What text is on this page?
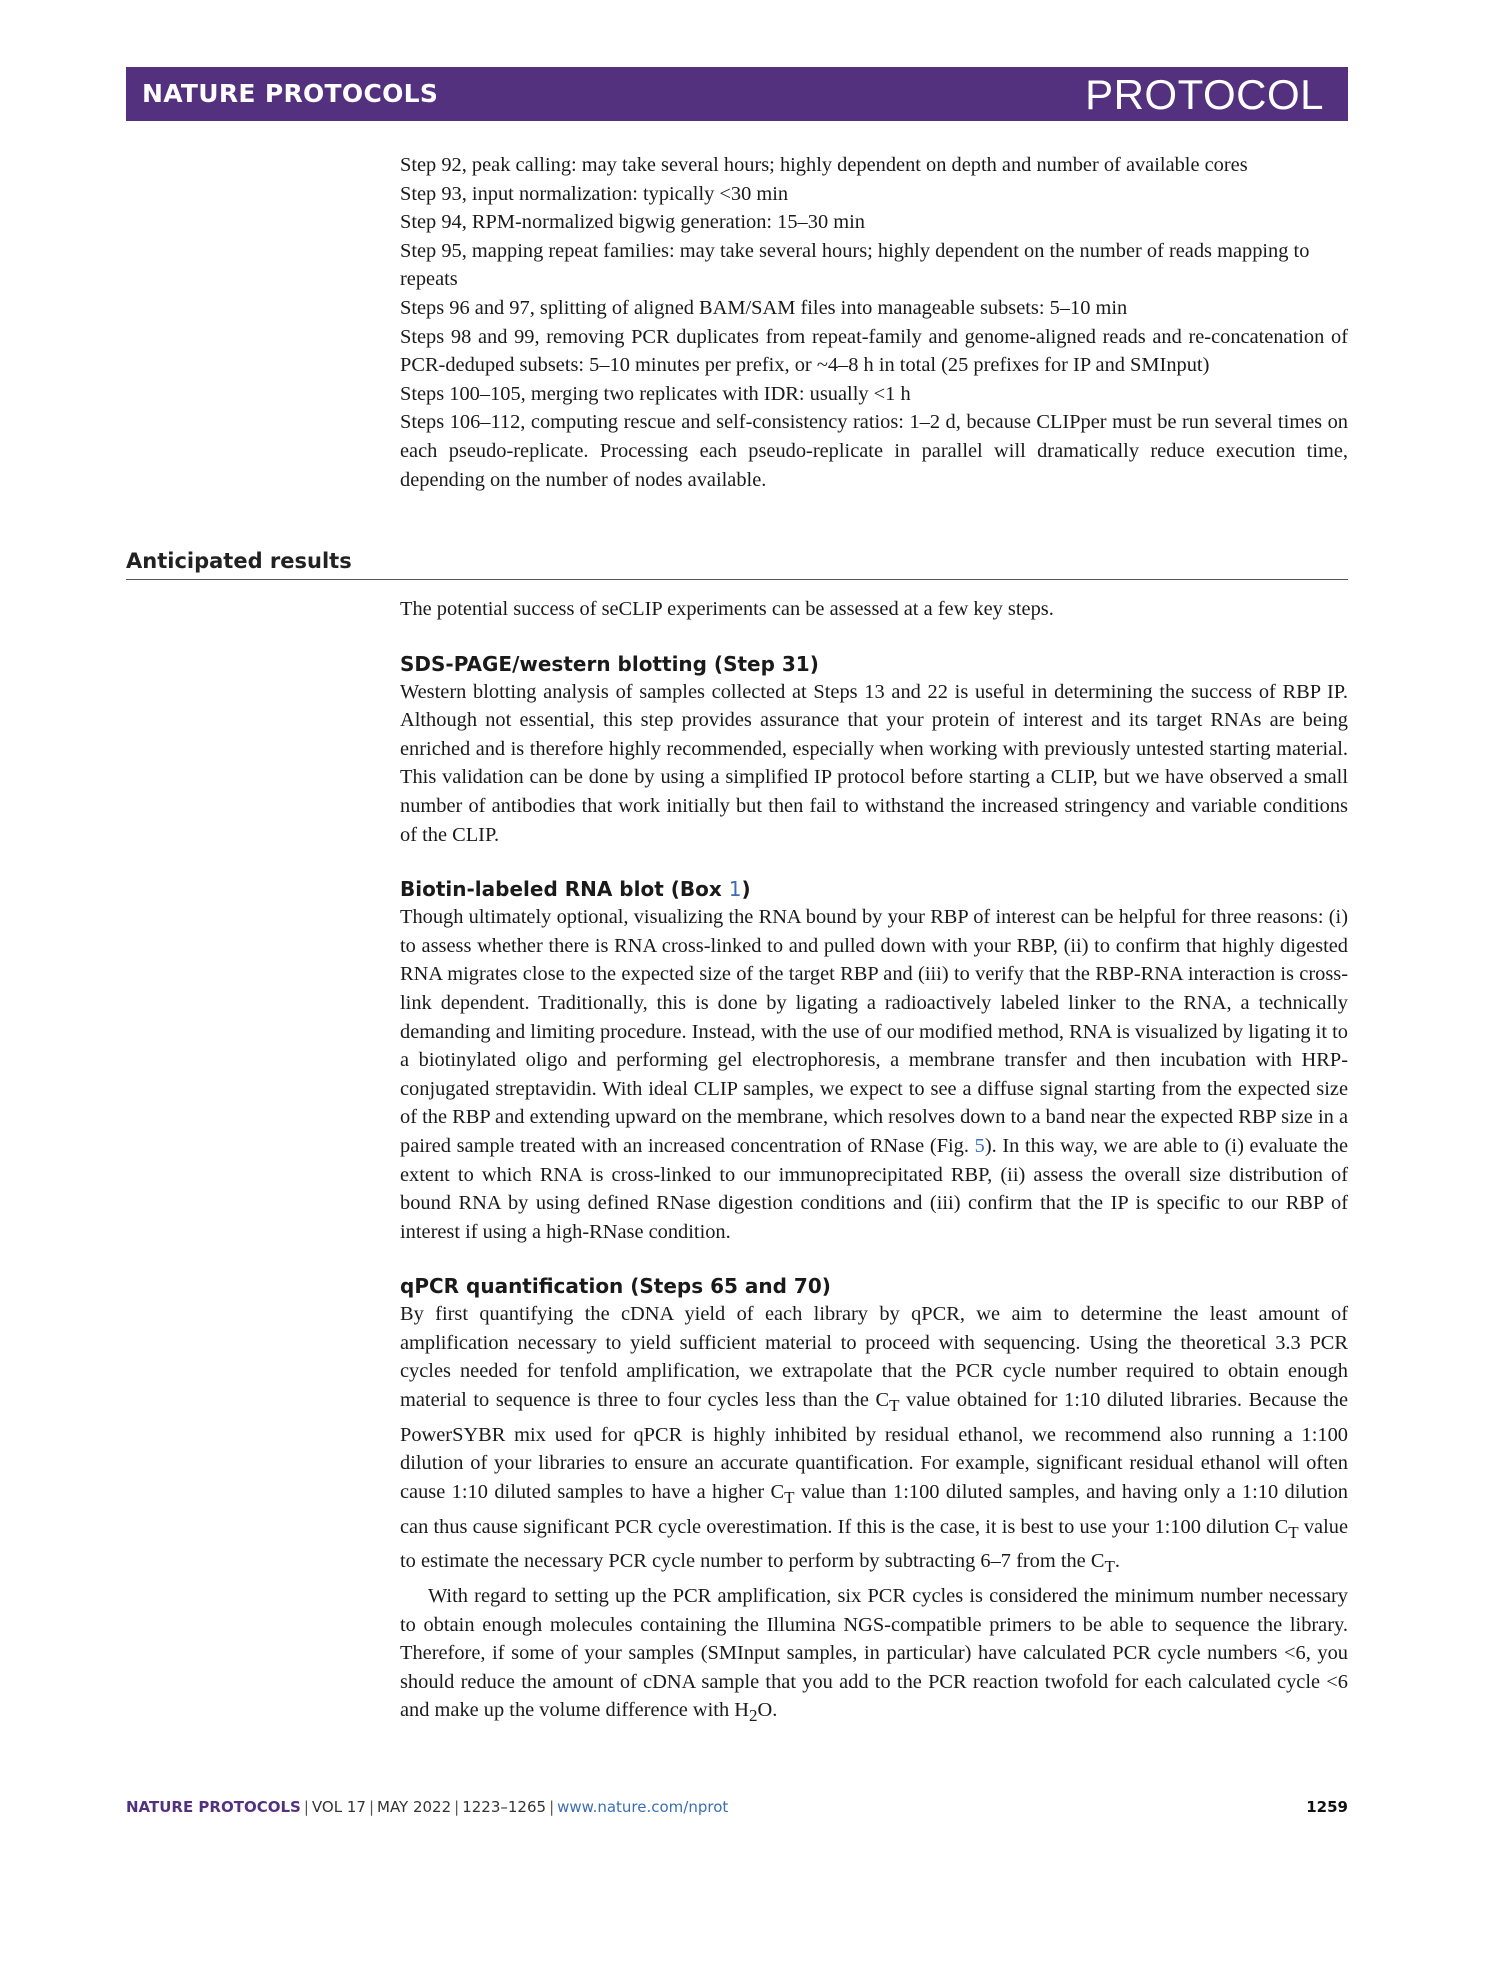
NATURE PROTOCOLS	PROTOCOL

Step 92, peak calling: may take several hours; highly dependent on depth and number of available cores

Step 93, input normalization: typically <30 min

Step 94, RPM-normalized bigwig generation: 15–30 min

Step 95, mapping repeat families: may take several hours; highly dependent on the number of reads mapping to repeats

Steps 96 and 97, splitting of aligned BAM/SAM files into manageable subsets: 5–10 min

Steps 98 and 99, removing PCR duplicates from repeat-family and genome-aligned reads and re-concatenation of PCR-deduped subsets: 5–10 minutes per prefix, or ~4–8 h in total (25 prefixes for IP and SMInput)

Steps 100–105, merging two replicates with IDR: usually <1 h

Steps 106–112, computing rescue and self-consistency ratios: 1–2 d, because CLIPper must be run several times on each pseudo-replicate. Processing each pseudo-replicate in parallel will dramatically reduce execution time, depending on the number of nodes available.

Anticipated results

The potential success of seCLIP experiments can be assessed at a few key steps.

SDS-PAGE/western blotting (Step 31)

Western blotting analysis of samples collected at Steps 13 and 22 is useful in determining the success of RBP IP. Although not essential, this step provides assurance that your protein of interest and its target RNAs are being enriched and is therefore highly recommended, especially when working with previously untested starting material. This validation can be done by using a simplified IP protocol before starting a CLIP, but we have observed a small number of antibodies that work initially but then fail to withstand the increased stringency and variable conditions of the CLIP.

Biotin-labeled RNA blot (Box 1)

Though ultimately optional, visualizing the RNA bound by your RBP of interest can be helpful for three reasons: (i) to assess whether there is RNA cross-linked to and pulled down with your RBP, (ii) to confirm that highly digested RNA migrates close to the expected size of the target RBP and (iii) to verify that the RBP-RNA interaction is cross-link dependent. Traditionally, this is done by ligating a radioactively labeled linker to the RNA, a technically demanding and limiting procedure. Instead, with the use of our modified method, RNA is visualized by ligating it to a biotinylated oligo and performing gel electrophoresis, a membrane transfer and then incubation with HRP-conjugated streptavidin. With ideal CLIP samples, we expect to see a diffuse signal starting from the expected size of the RBP and extending upward on the membrane, which resolves down to a band near the expected RBP size in a paired sample treated with an increased concentration of RNase (Fig. 5). In this way, we are able to (i) evaluate the extent to which RNA is cross-linked to our immunoprecipitated RBP, (ii) assess the overall size distribution of bound RNA by using defined RNase digestion conditions and (iii) confirm that the IP is specific to our RBP of interest if using a high-RNase condition.

qPCR quantification (Steps 65 and 70)

By first quantifying the cDNA yield of each library by qPCR, we aim to determine the least amount of amplification necessary to yield sufficient material to proceed with sequencing. Using the theoretical 3.3 PCR cycles needed for tenfold amplification, we extrapolate that the PCR cycle number required to obtain enough material to sequence is three to four cycles less than the $C_T$ value obtained for 1:10 diluted libraries. Because the PowerSYBR mix used for qPCR is highly inhibited by residual ethanol, we recommend also running a 1:100 dilution of your libraries to ensure an accurate quantification. For example, significant residual ethanol will often cause 1:10 diluted samples to have a higher $C_T$ value than 1:100 diluted samples, and having only a 1:10 dilution can thus cause significant PCR cycle overestimation. If this is the case, it is best to use your 1:100 dilution $C_T$ value to estimate the necessary PCR cycle number to perform by subtracting 6–7 from the $C_T$.

With regard to setting up the PCR amplification, six PCR cycles is considered the minimum number necessary to obtain enough molecules containing the Illumina NGS-compatible primers to be able to sequence the library. Therefore, if some of your samples (SMInput samples, in particular) have calculated PCR cycle numbers <6, you should reduce the amount of cDNA sample that you add to the PCR reaction twofold for each calculated cycle <6 and make up the volume difference with $H_2O$.

NATURE PROTOCOLS | VOL 17 | MAY 2022 | 1223–1265 | www.nature.com/nprot	1259
